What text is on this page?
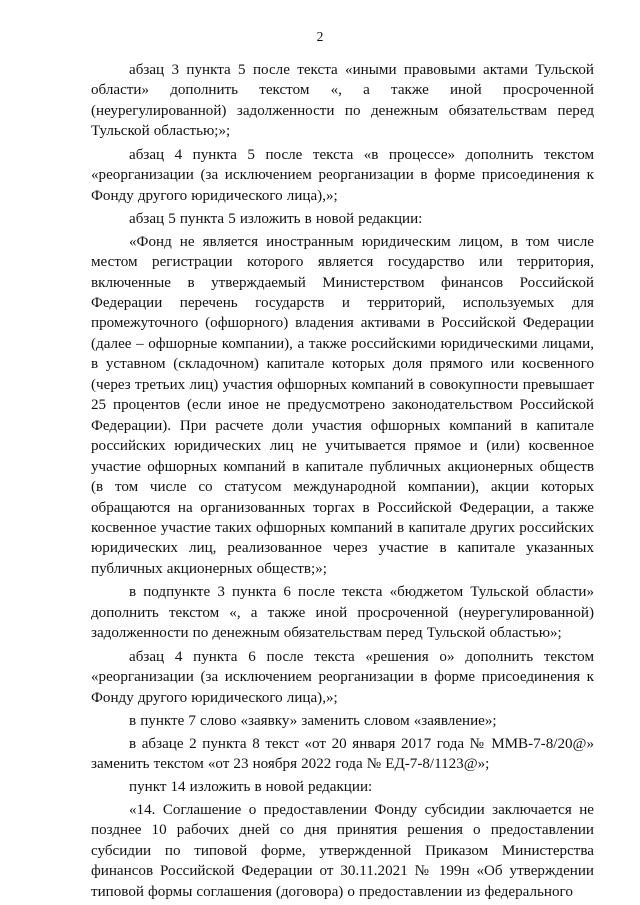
2

абзац 3 пункта 5 после текста «иными правовыми актами Тульской области» дополнить текстом «, а также иной просроченной (неурегулированной) задолженности по денежным обязательствам перед Тульской областью;»;

абзац 4 пункта 5 после текста «в процессе» дополнить текстом «реорганизации (за исключением реорганизации в форме присоединения к Фонду другого юридического лица),»;

абзац 5 пункта 5 изложить в новой редакции:

«Фонд не является иностранным юридическим лицом, в том числе местом регистрации которого является государство или территория, включенные в утверждаемый Министерством финансов Российской Федерации перечень государств и территорий, используемых для промежуточного (офшорного) владения активами в Российской Федерации (далее – офшорные компании), а также российскими юридическими лицами, в уставном (складочном) капитале которых доля прямого или косвенного (через третьих лиц) участия офшорных компаний в совокупности превышает 25 процентов (если иное не предусмотрено законодательством Российской Федерации). При расчете доли участия офшорных компаний в капитале российских юридических лиц не учитывается прямое и (или) косвенное участие офшорных компаний в капитале публичных акционерных обществ (в том числе со статусом международной компании), акции которых обращаются на организованных торгах в Российской Федерации, а также косвенное участие таких офшорных компаний в капитале других российских юридических лиц, реализованное через участие в капитале указанных публичных акционерных обществ;»;

в подпункте 3 пункта 6 после текста «бюджетом Тульской области» дополнить текстом «, а также иной просроченной (неурегулированной) задолженности по денежным обязательствам перед Тульской областью»;

абзац 4 пункта 6 после текста «решения о» дополнить текстом «реорганизации (за исключением реорганизации в форме присоединения к Фонду другого юридического лица),»;

в пункте 7 слово «заявку» заменить словом «заявление»;

в абзаце 2 пункта 8 текст «от 20 января 2017 года № ММВ-7-8/20@» заменить текстом «от 23 ноября 2022 года № ЕД-7-8/1123@»;

пункт 14 изложить в новой редакции:

«14. Соглашение о предоставлении Фонду субсидии заключается не позднее 10 рабочих дней со дня принятия решения о предоставлении субсидии по типовой форме, утвержденной Приказом Министерства финансов Российской Федерации от 30.11.2021 № 199н «Об утверждении типовой формы соглашения (договора) о предоставлении из федерального
